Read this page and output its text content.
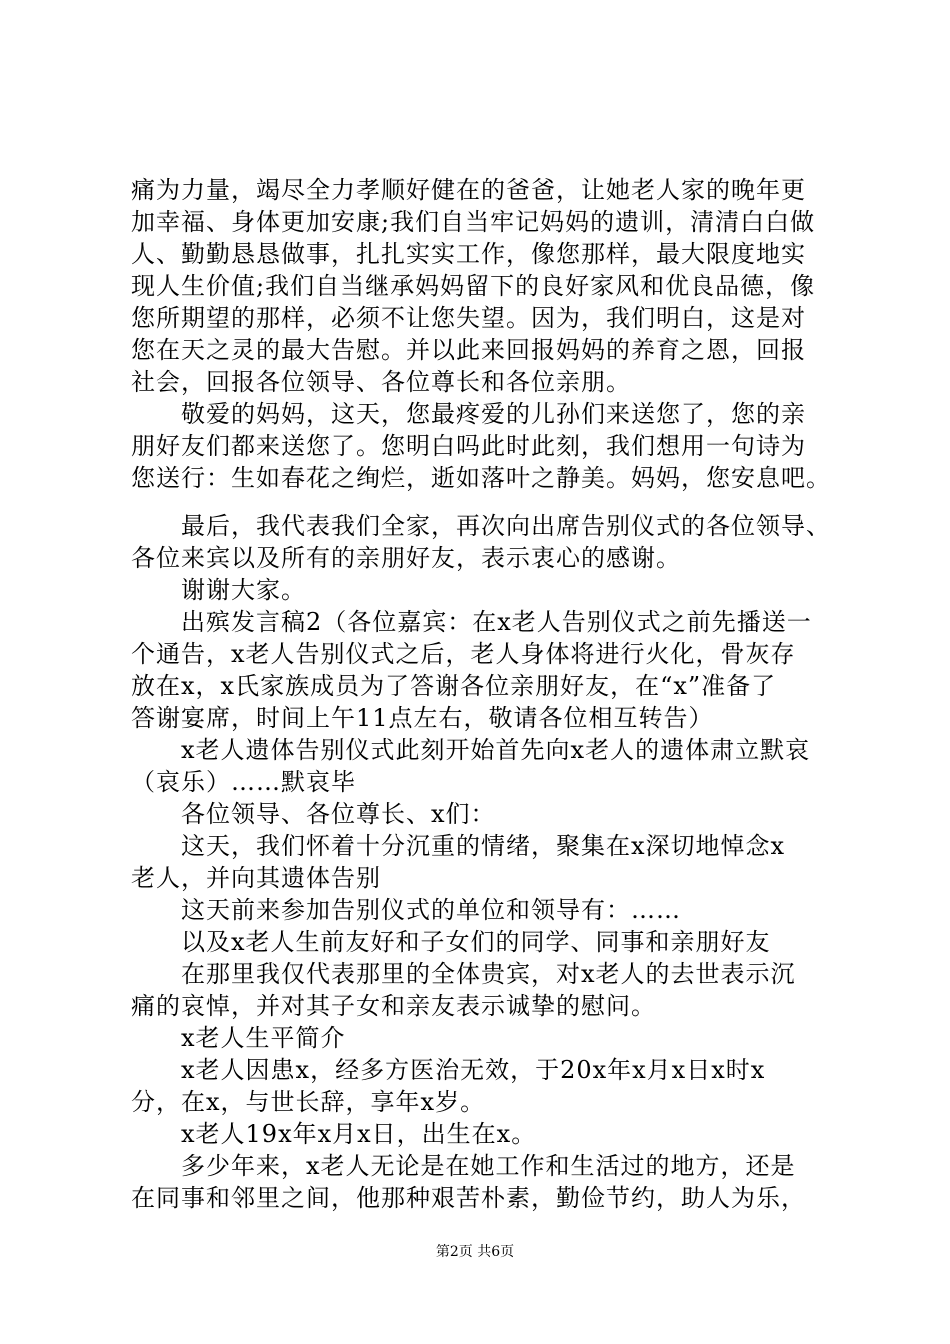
痛为力量，竭尽全力孝顺好健在的爸爸，让她老人家的晚年更
加幸福、身体更加安康;我们自当牢记妈妈的遗训，清清白白做
人、勤勤恳恳做事，扎扎实实工作，像您那样，最大限度地实
现人生价值;我们自当继承妈妈留下的良好家风和优良品德，像
您所期望的那样，必须不让您失望。因为，我们明白，这是对
您在天之灵的最大告慰。并以此来回报妈妈的养育之恩，回报
社会，回报各位领导、各位尊长和各位亲朋。
　　敬爱的妈妈，这天，您最疼爱的儿孙们来送您了，您的亲
朋好友们都来送您了。您明白吗此时此刻，我们想用一句诗为
您送行：生如春花之绚烂，逝如落叶之静美。妈妈，您安息吧。
　　最后，我代表我们全家，再次向出席告别仪式的各位领导、
各位来宾以及所有的亲朋好友，表示衷心的感谢。
　　谢谢大家。
　　出殡发言稿2（各位嘉宾：在x老人告别仪式之前先播送一
个通告，x老人告别仪式之后，老人身体将进行火化，骨灰存
放在x，x氏家族成员为了答谢各位亲朋好友，在“x”准备了
答谢宴席，时间上午11点左右，敬请各位相互转告）
　　x老人遗体告别仪式此刻开始首先向x老人的遗体肃立默哀
（哀乐）……默哀毕
　　各位领导、各位尊长、x们：
　　这天，我们怀着十分沉重的情绪，聚集在x深切地悼念x
老人，并向其遗体告别
　　这天前来参加告别仪式的单位和领导有：……
　　以及x老人生前友好和子女们的同学、同事和亲朋好友
　　在那里我仅代表那里的全体贵宾，对x老人的去世表示沉
痛的哀悼，并对其子女和亲友表示诚挚的慰问。
　　x老人生平简介
　　x老人因患x，经多方医治无效，于20x年x月x日x时x
分，在x，与世长辞，享年x岁。
　　x老人19x年x月x日，出生在x。
　　多少年来，x老人无论是在她工作和生活过的地方，还是
在同事和邻里之间，他那种艰苦朴素，勤俭节约，助人为乐，
第2页 共6页
